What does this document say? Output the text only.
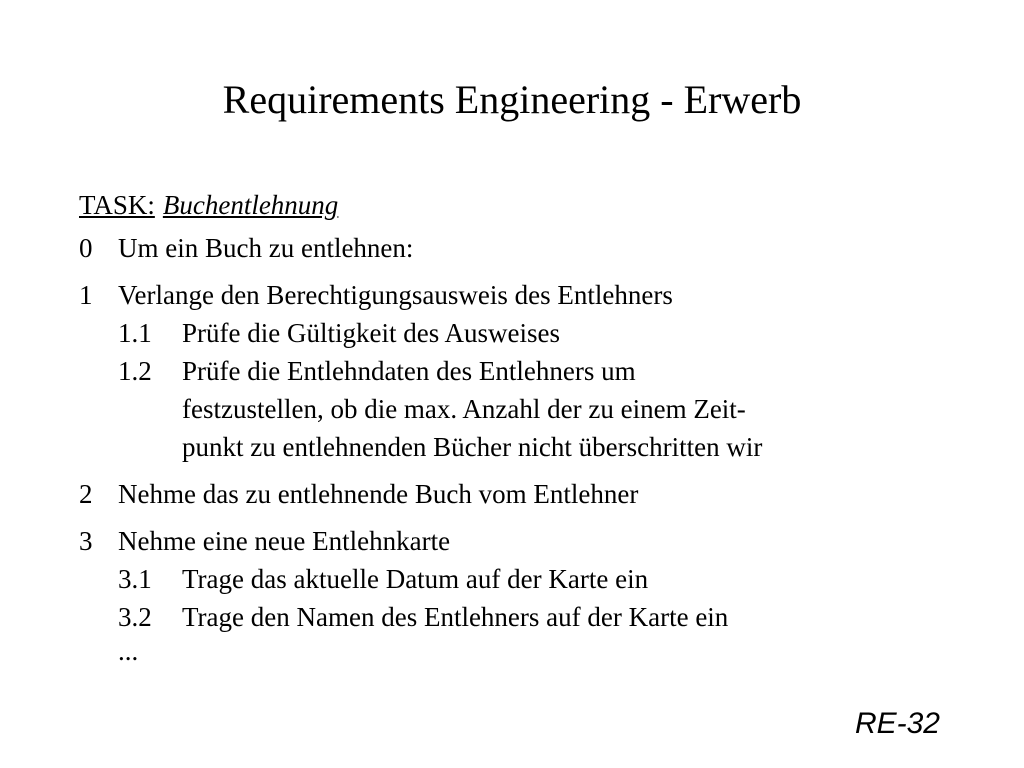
Requirements Engineering - Erwerb
TASK: Buchentlehnung
0 Um ein Buch zu entlehnen:
1 Verlange den Berechtigungsausweis des Entlehners
1.1	Prüfe die Gültigkeit des Ausweises
1.2	Prüfe die Entlehndaten des Entlehners um
festzustellen, ob die max. Anzahl der zu einem Zeit-
punkt zu entlehnenden Bücher nicht überschritten wir
2 Nehme das zu entlehnende Buch vom Entlehner
3 Nehme eine neue Entlehnkarte
3.1	Trage das aktuelle Datum auf der Karte ein
3.2	Trage den Namen des Entlehners auf der Karte ein
...
RE-32
